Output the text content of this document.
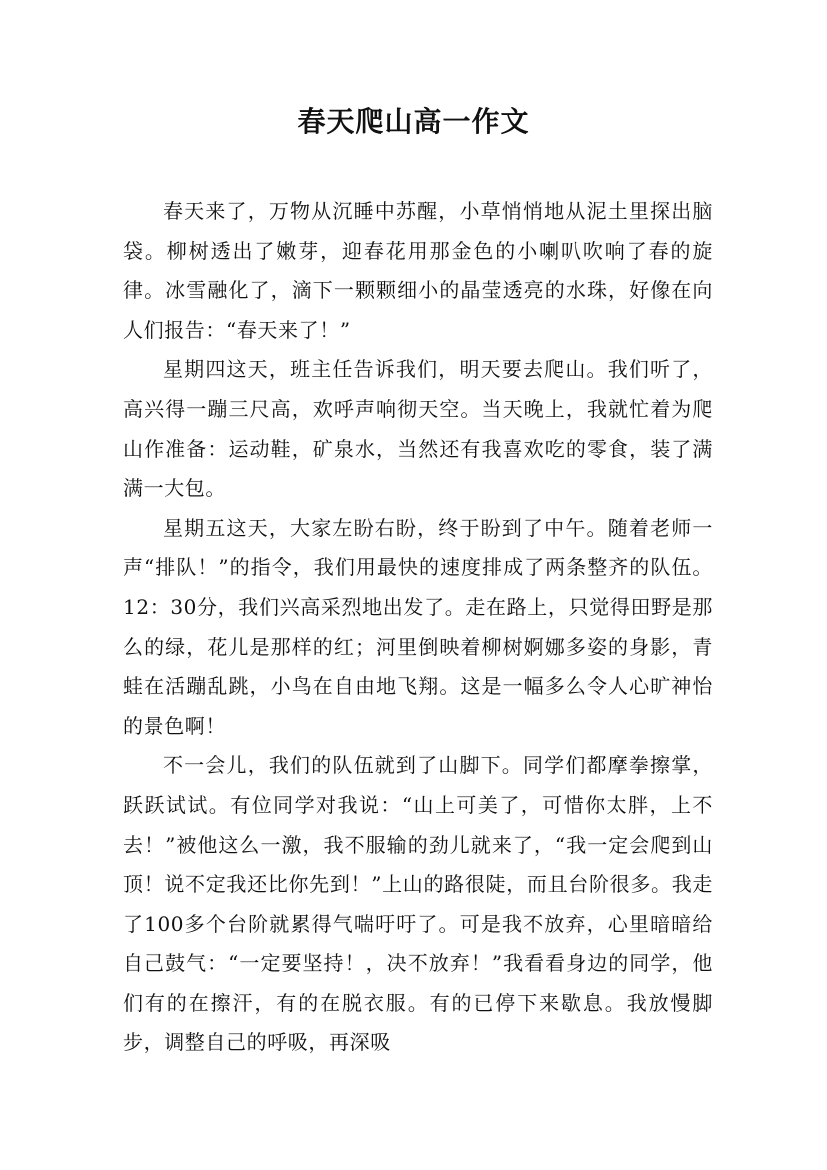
春天爬山高一作文

春天来了，万物从沉睡中苏醒，小草悄悄地从泥土里探出脑袋。柳树透出了嫩芽，迎春花用那金色的小喇叭吹响了春的旋律。冰雪融化了，滴下一颗颗细小的晶莹透亮的水珠，好像在向人们报告：“春天来了！”

星期四这天，班主任告诉我们，明天要去爬山。我们听了，高兴得一蹦三尺高，欢呼声响彻天空。当天晚上，我就忙着为爬山作准备：运动鞋，矿泉水，当然还有我喜欢吃的零食，装了满满一大包。

星期五这天，大家左盼右盼，终于盼到了中午。随着老师一声“排队！”的指令，我们用最快的速度排成了两条整齐的队伍。12：30分，我们兴高采烈地出发了。走在路上，只觉得田野是那么的绿，花儿是那样的红；河里倒映着柳树婀娜多姿的身影，青蛙在活蹦乱跳，小鸟在自由地飞翔。这是一幅多么令人心旷神怡的景色啊！

不一会儿，我们的队伍就到了山脚下。同学们都摩拳擦掌，跃跃试试。有位同学对我说：“山上可美了，可惜你太胖，上不去！”被他这么一激，我不服输的劲儿就来了，“我一定会爬到山顶！说不定我还比你先到！”上山的路很陡，而且台阶很多。我走了100多个台阶就累得气喘吁吁了。可是我不放弃，心里暗暗给自己鼓气：“一定要坚持！，决不放弃！”我看看身边的同学，他们有的在擦汗，有的在脱衣服。有的已停下来歇息。我放慢脚步，调整自己的呼吸，再深吸
